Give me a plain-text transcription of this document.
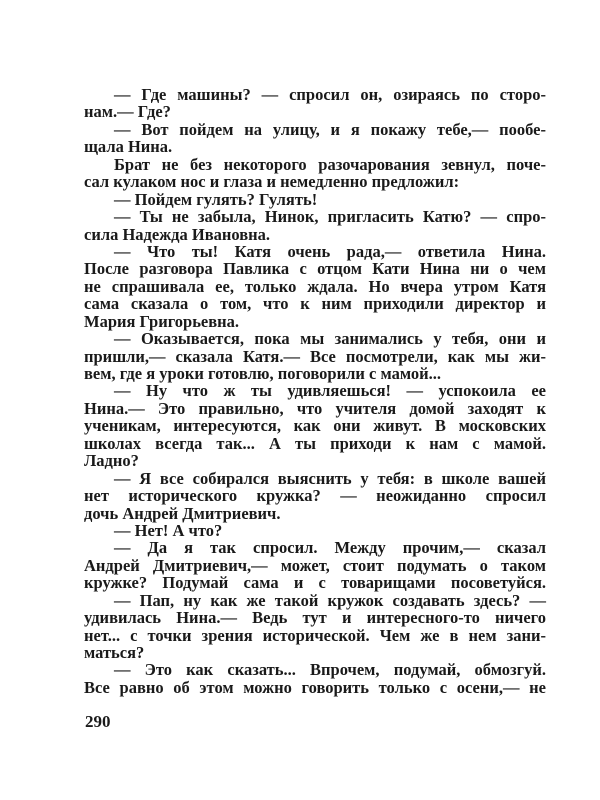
— Где машины? — спросил он, озираясь по сторо-
нам.— Где?
— Вот пойдем на улицу, и я покажу тебе,— пообе-
щала Нина.
Брат не без некоторого разочарования зевнул, поче-
сал кулаком нос и глаза и немедленно предложил:
— Пойдем гулять? Гулять!
— Ты не забыла, Нинок, пригласить Катю? — спро-
сила Надежда Ивановна.
— Что ты! Катя очень рада,— ответила Нина.
После разговора Павлика с отцом Кати Нина ни о чем
не спрашивала ее, только ждала. Но вчера утром Катя
сама сказала о том, что к ним приходили директор и
Мария Григорьевна.
— Оказывается, пока мы занимались у тебя, они и
пришли,— сказала Катя.— Все посмотрели, как мы жи-
вем, где я уроки готовлю, поговорили с мамой...
— Ну что ж ты удивляешься! — успокоила ее
Нина.— Это правильно, что учителя домой заходят к
ученикам, интересуются, как они живут. В московских
школах всегда так... А ты приходи к нам с мамой.
Ладно?
— Я все собирался выяснить у тебя: в школе вашей
нет исторического кружка? — неожиданно спросил
дочь Андрей Дмитриевич.
— Нет! А что?
— Да я так спросил. Между прочим,— сказал
Андрей Дмитриевич,— может, стоит подумать о таком
кружке? Подумай сама и с товарищами посоветуйся.
— Пап, ну как же такой кружок создавать здесь? —
удивилась Нина.— Ведь тут и интересного-то ничего
нет... с точки зрения исторической. Чем же в нем зани-
маться?
— Это как сказать... Впрочем, подумай, обмозгуй.
Все равно об этом можно говорить только с осени,— не
290
